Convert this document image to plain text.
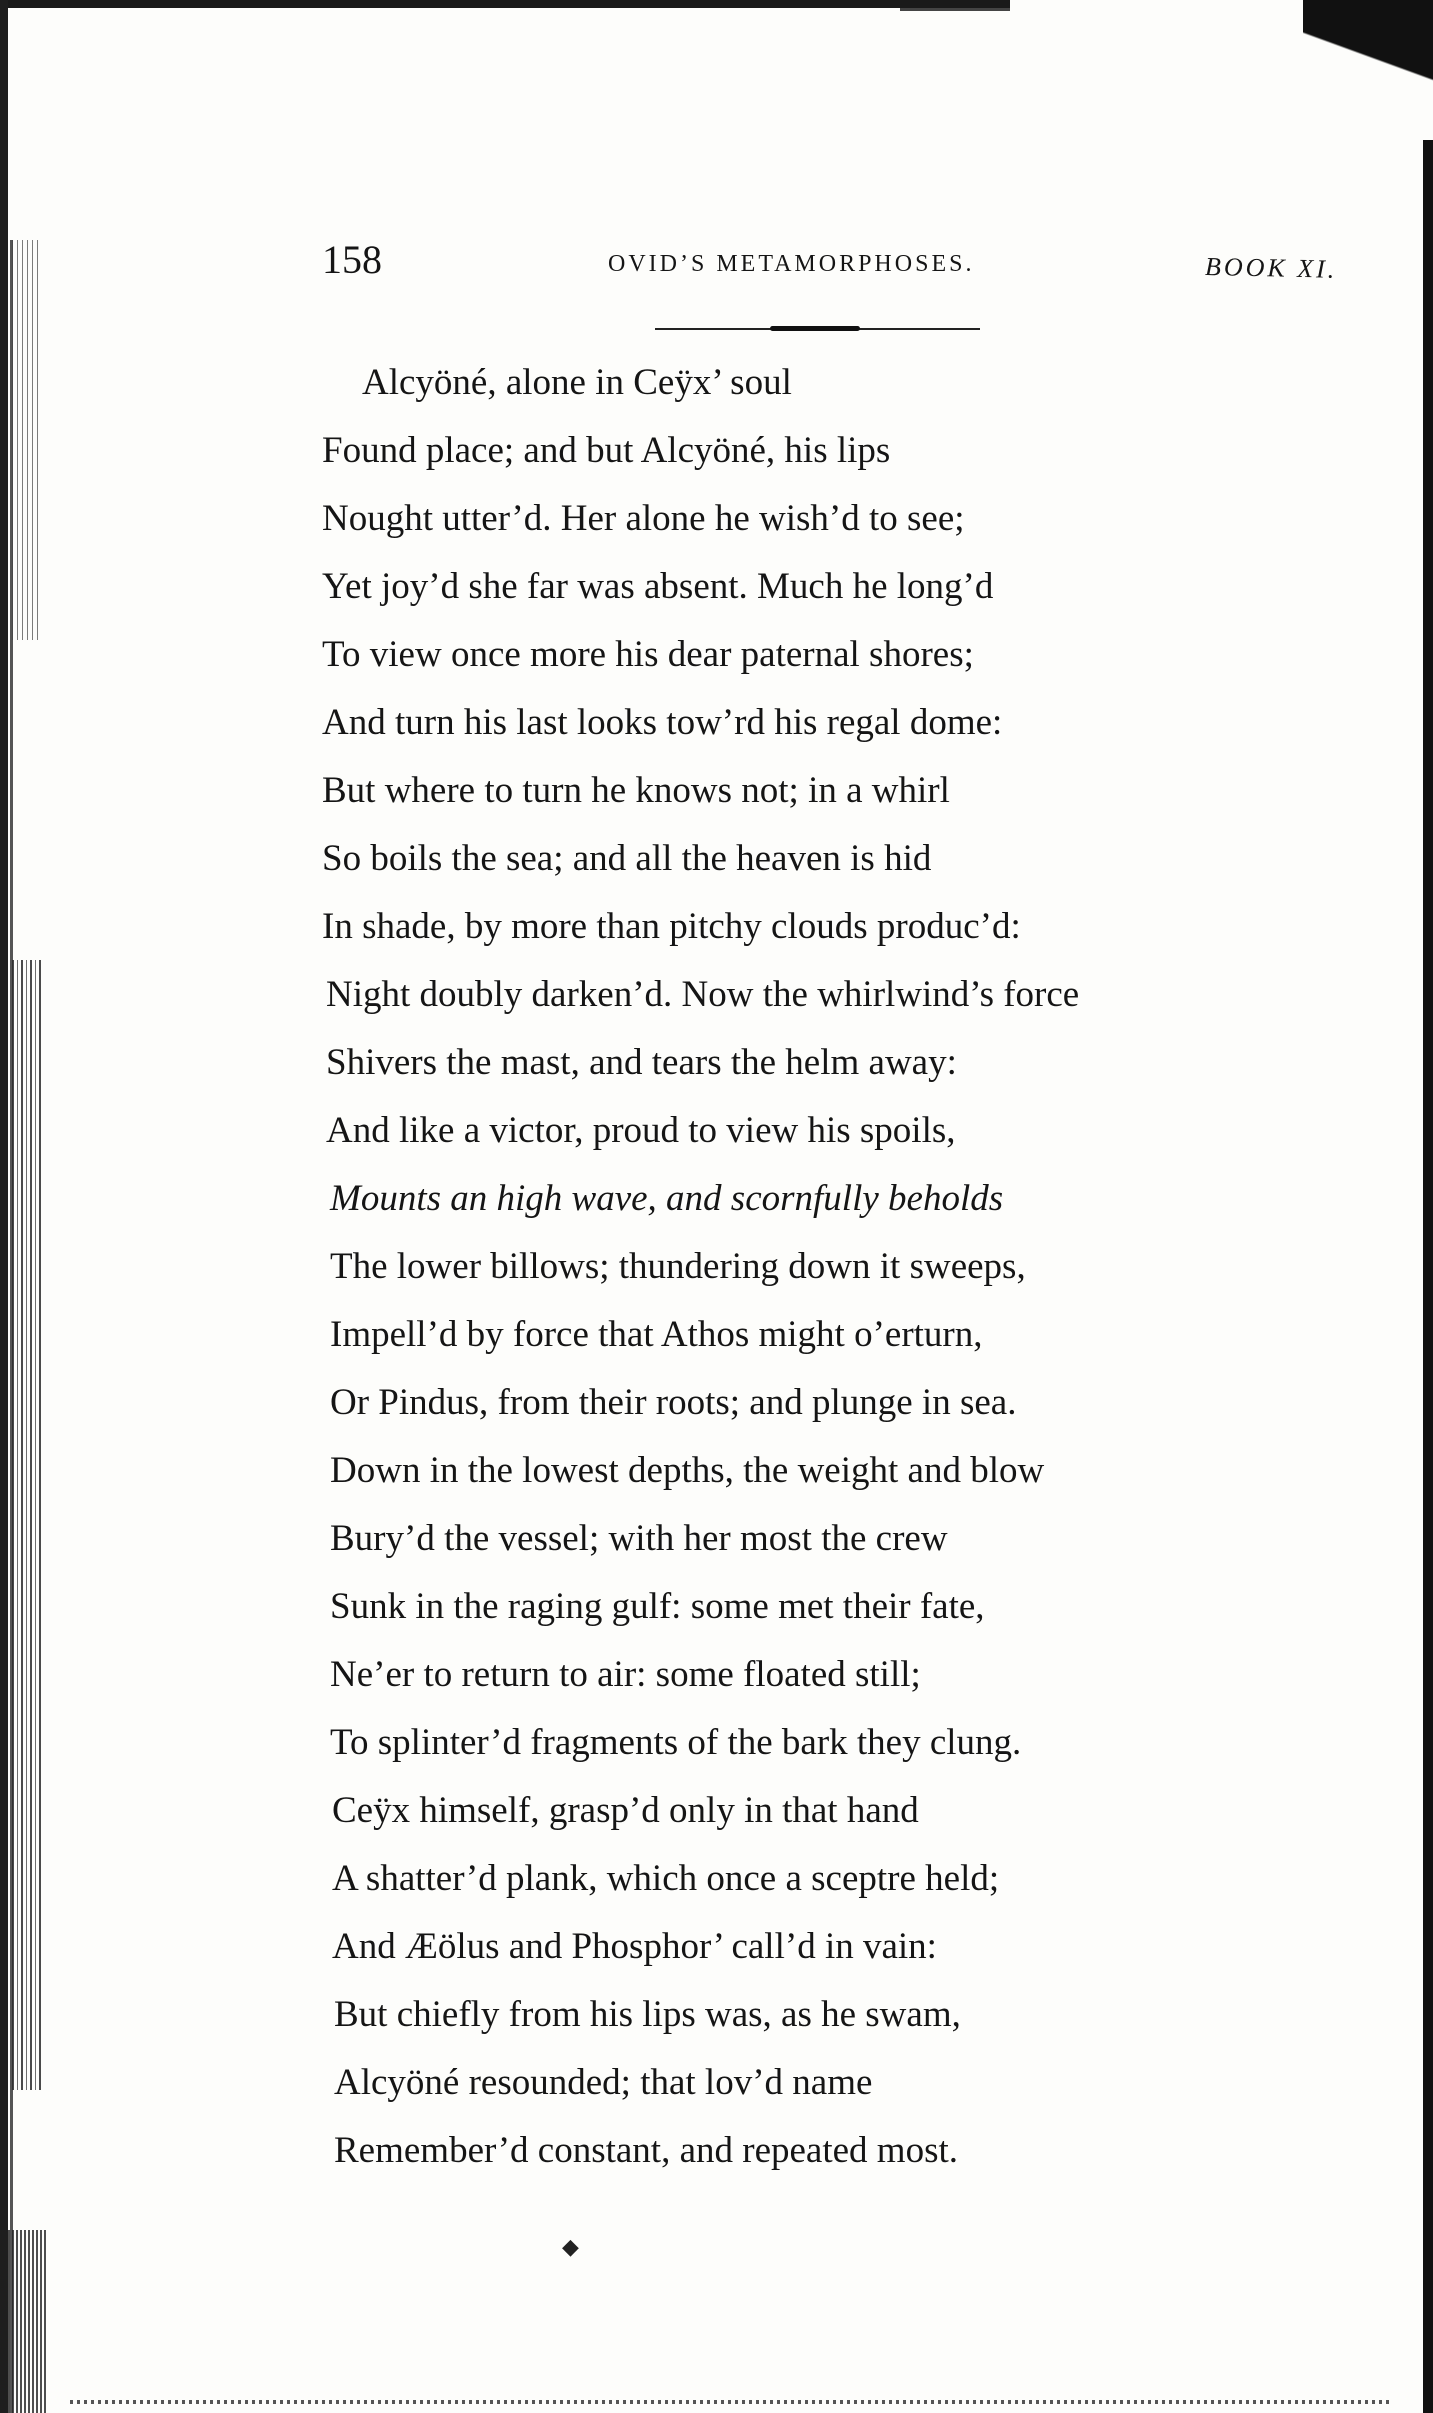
158	OVID’S METAMORPHOSES.	BOOK XI.
Alcyöné, alone in Ceÿx’ soul
Found place; and but Alcyöné, his lips
Nought utter’d. Her alone he wish’d to see;
Yet joy’d she far was absent. Much he long’d
To view once more his dear paternal shores;
And turn his last looks tow’rd his regal dome:
But where to turn he knows not; in a whirl
So boils the sea; and all the heaven is hid
In shade, by more than pitchy clouds produc’d:
Night doubly darken’d. Now the whirlwind’s force
Shivers the mast, and tears the helm away:
And like a victor, proud to view his spoils,
Mounts an high wave, and scornfully beholds
The lower billows; thundering down it sweeps,
Impell’d by force that Athos might o’erturn,
Or Pindus, from their roots; and plunge in sea.
Down in the lowest depths, the weight and blow
Bury’d the vessel; with her most the crew
Sunk in the raging gulf: some met their fate,
Ne’er to return to air: some floated still;
To splinter’d fragments of the bark they clung.
Ceÿx himself, grasp’d only in that hand
A shatter’d plank, which once a sceptre held;
And Æölus and Phosphor’ call’d in vain:
But chiefly from his lips was, as he swam,
Alcyöné resounded; that lov’d name
Remember’d constant, and repeated most.
◆
